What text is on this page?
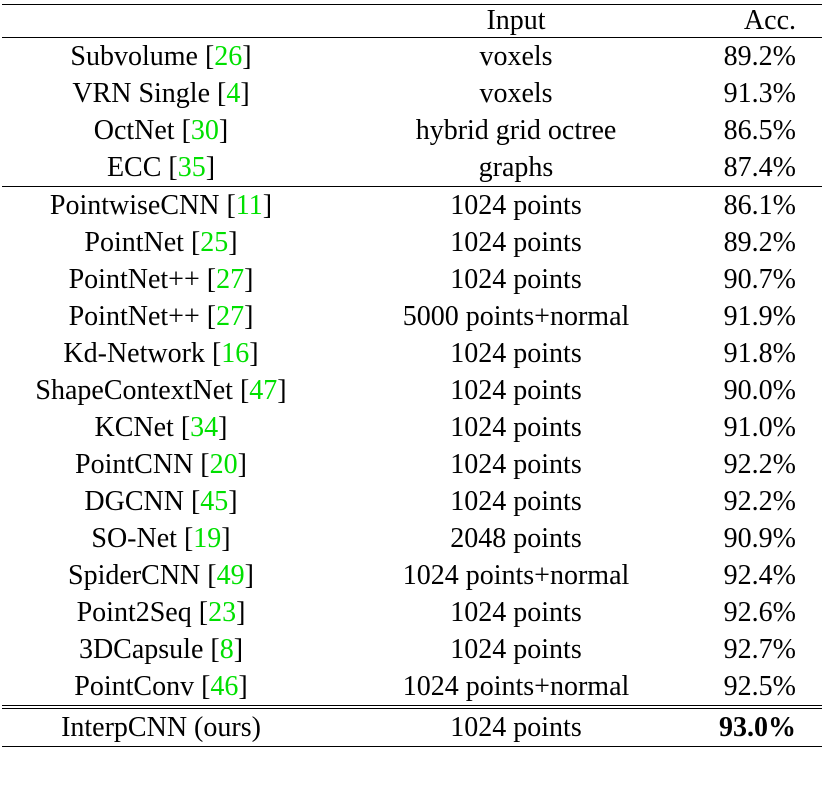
	Input	Acc.
Subvolume [26]	voxels	89.2%
VRN Single [4]	voxels	91.3%
OctNet [30]	hybrid grid octree	86.5%
ECC [35]	graphs	87.4%
PointwiseCNN [11]	1024 points	86.1%
PointNet [25]	1024 points	89.2%
PointNet++ [27]	1024 points	90.7%
PointNet++ [27]	5000 points+normal	91.9%
Kd-Network [16]	1024 points	91.8%
ShapeContextNet [47]	1024 points	90.0%
KCNet [34]	1024 points	91.0%
PointCNN [20]	1024 points	92.2%
DGCNN [45]	1024 points	92.2%
SO-Net [19]	2048 points	90.9%
SpiderCNN [49]	1024 points+normal	92.4%
Point2Seq [23]	1024 points	92.6%
3DCapsule [8]	1024 points	92.7%
PointConv [46]	1024 points+normal	92.5%
InterpCNN (ours)	1024 points	93.0%
